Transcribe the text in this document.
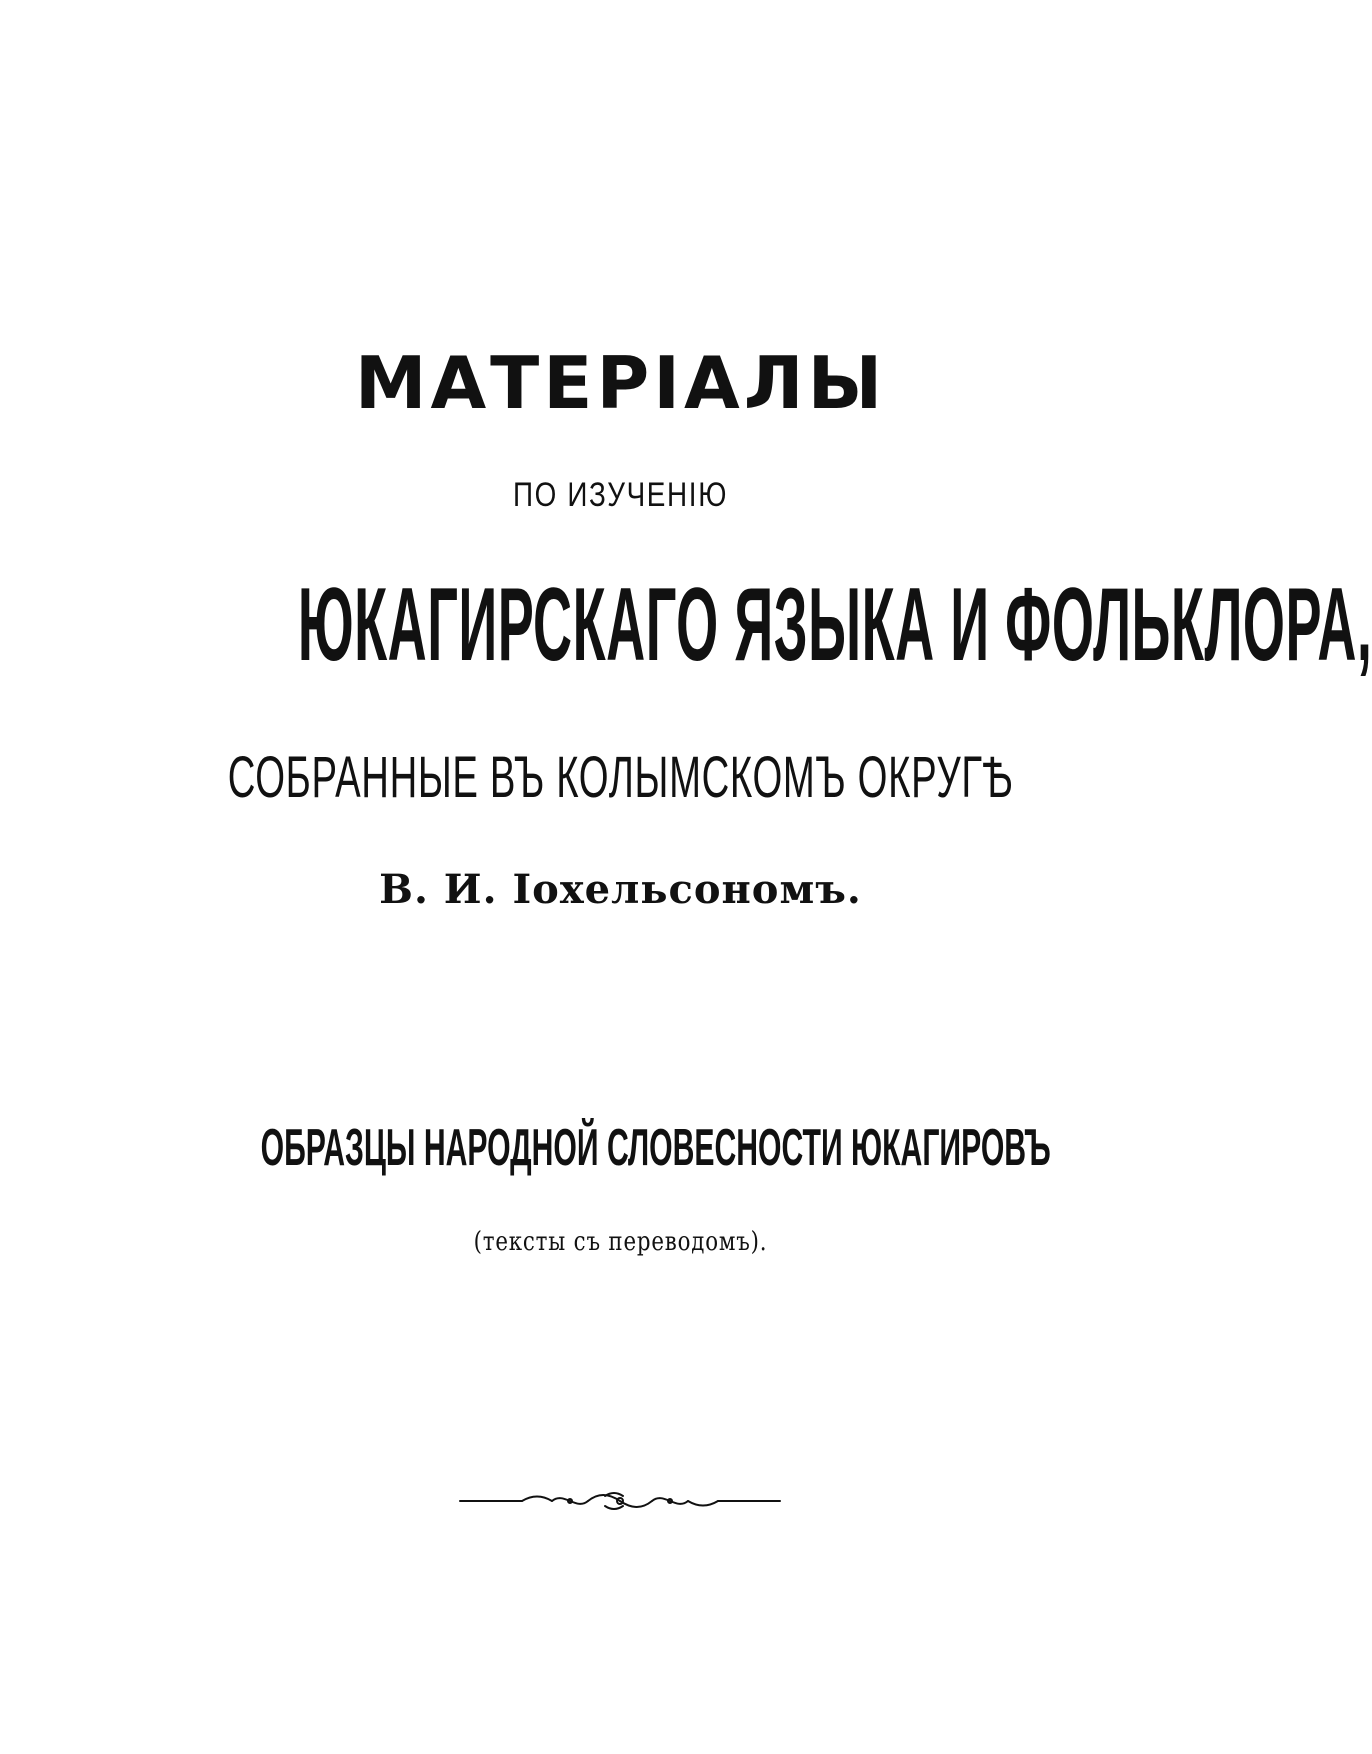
МАТЕРІАЛЫ

ПО ИЗУЧЕНІЮ

ЮКАГИРСКАГО ЯЗЫКА И ФОЛЬКЛОРА,

СОБРАННЫЕ ВЪ КОЛЫМСКОМЪ ОКРУГѢ

В. И. Іохельсономъ.

ОБРАЗЦЫ НАРОДНОЙ СЛОВЕСНОСТИ ЮКАГИРОВЪ

(тексты съ переводомъ).
